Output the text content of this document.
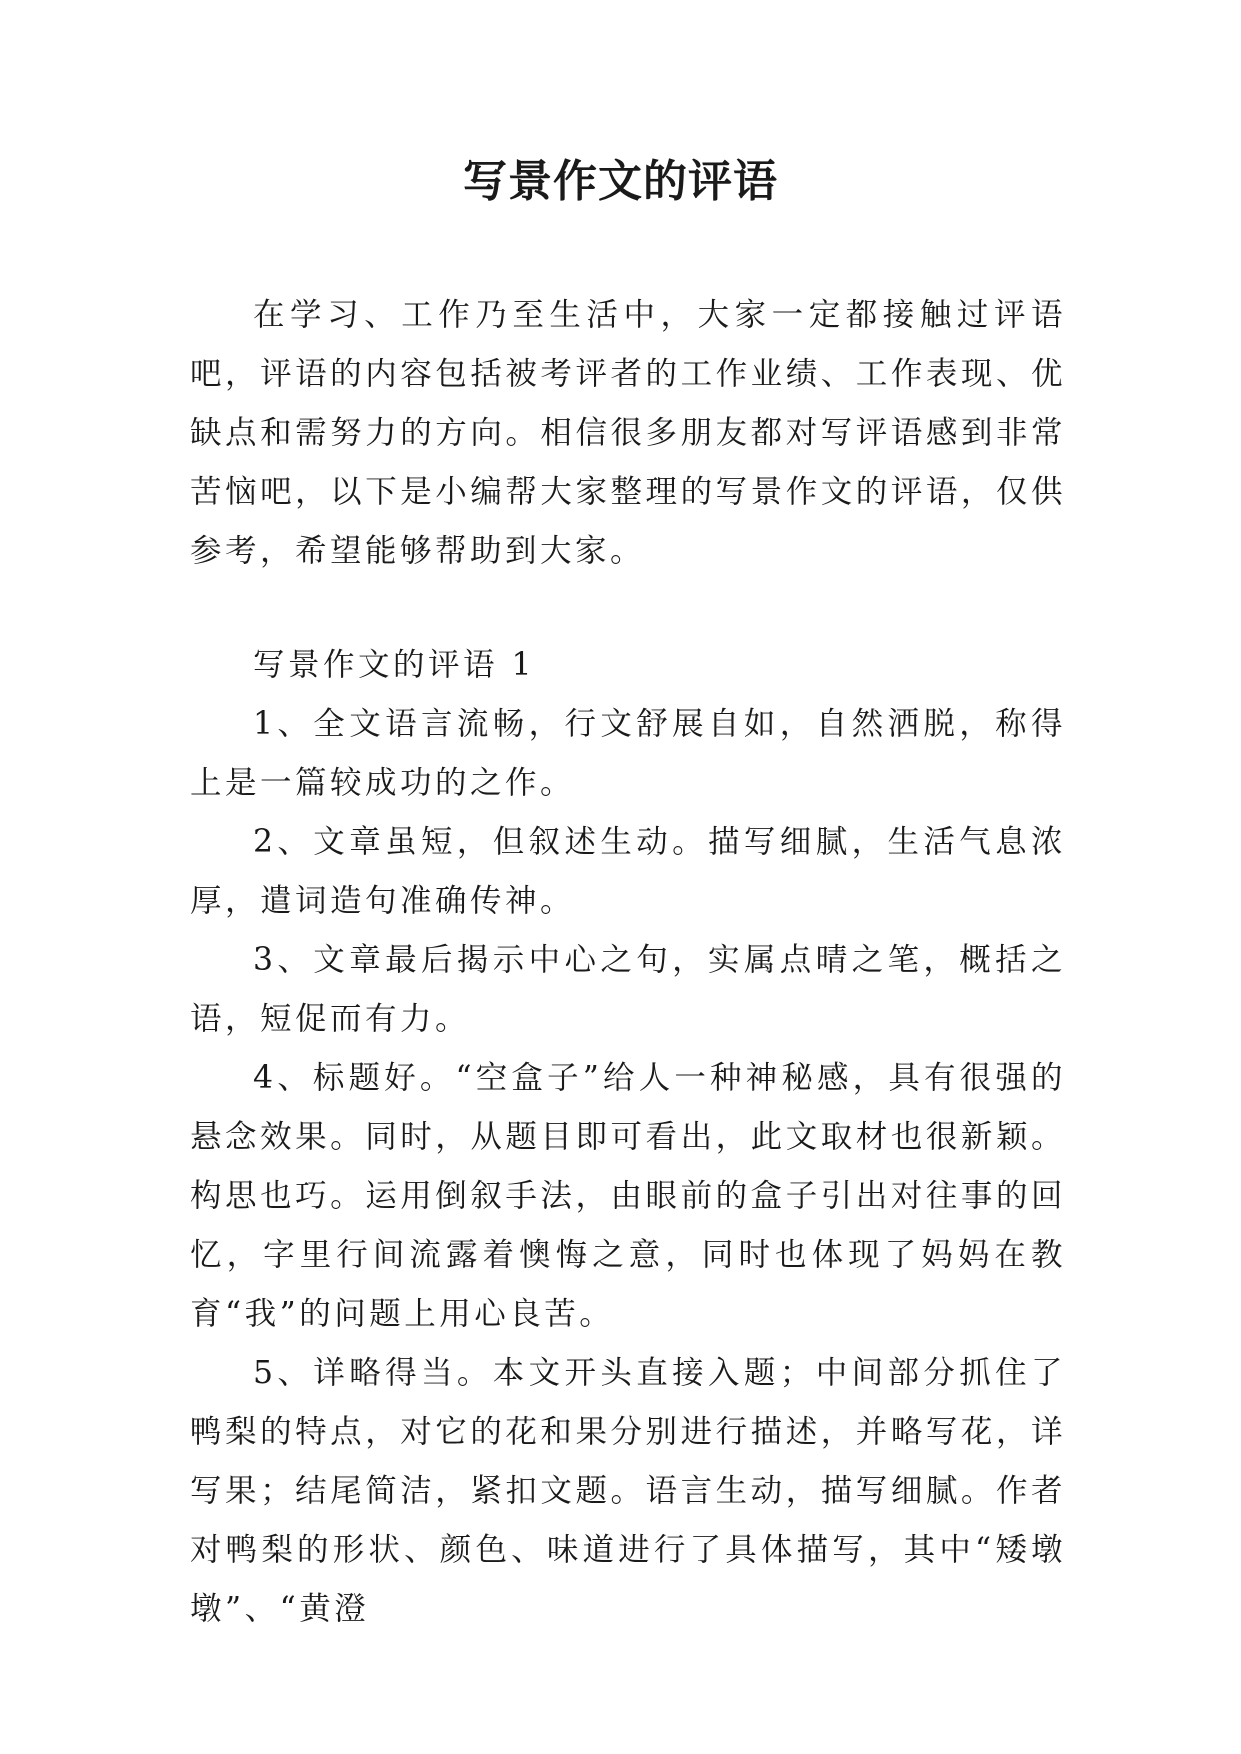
写景作文的评语

在学习、工作乃至生活中，大家一定都接触过评语吧，评语的内容包括被考评者的工作业绩、工作表现、优缺点和需努力的方向。相信很多朋友都对写评语感到非常苦恼吧，以下是小编帮大家整理的写景作文的评语，仅供参考，希望能够帮助到大家。

写景作文的评语 1

1、全文语言流畅，行文舒展自如，自然洒脱，称得上是一篇较成功的之作。

2、文章虽短，但叙述生动。描写细腻，生活气息浓厚，遣词造句准确传神。

3、文章最后揭示中心之句，实属点晴之笔，概括之语，短促而有力。

4、标题好。“空盒子”给人一种神秘感，具有很强的悬念效果。同时，从题目即可看出，此文取材也很新颖。构思也巧。运用倒叙手法，由眼前的盒子引出对往事的回忆，字里行间流露着懊悔之意，同时也体现了妈妈在教育“我”的问题上用心良苦。

5、详略得当。本文开头直接入题；中间部分抓住了鸭梨的特点，对它的花和果分别进行描述，并略写花，详写果；结尾简洁，紧扣文题。语言生动，描写细腻。作者对鸭梨的形状、颜色、味道进行了具体描写，其中“矮墩墩”、“黄澄
